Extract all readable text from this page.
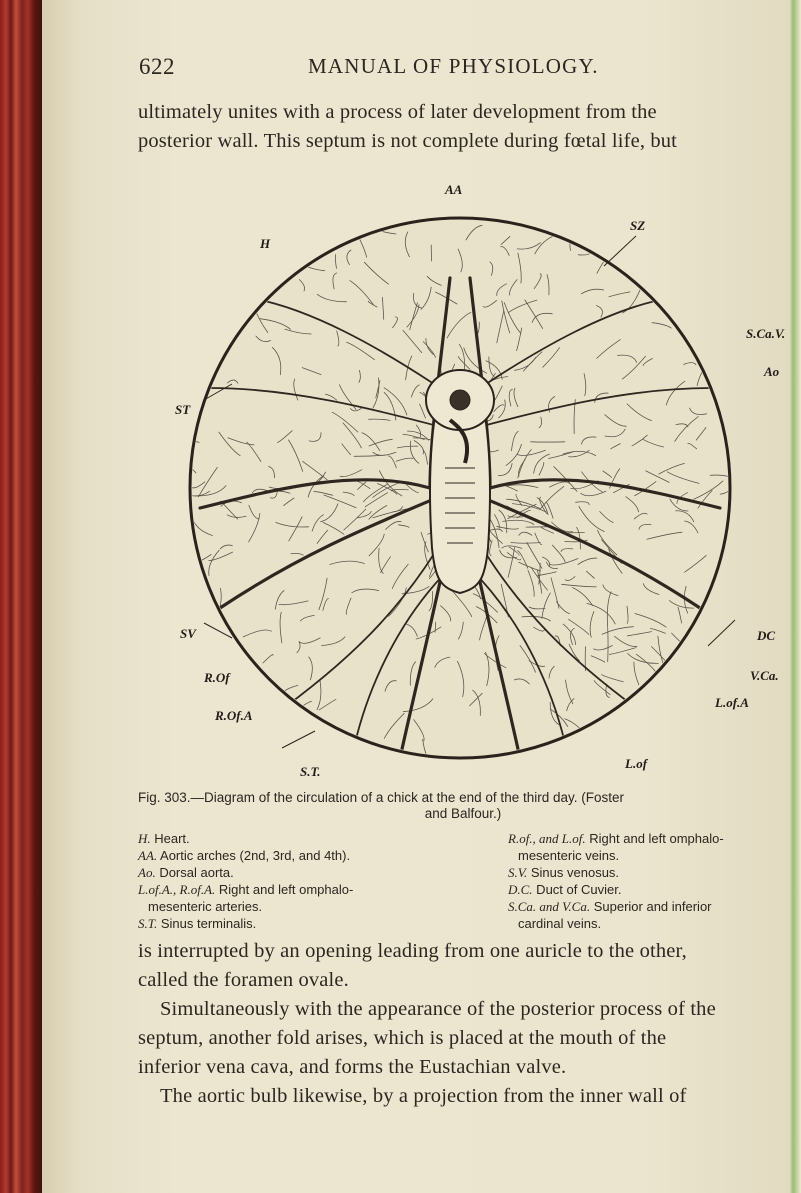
622	MANUAL OF PHYSIOLOGY.

ultimately unites with a process of later development from the

posterior wall. This septum is not complete during fœtal life, but

AA
SZ
H
S.Ca.V.
Ao
ST
SV	DC
V.Ca.
R.Of
R.Of.A
L.of.A
S.T.
L.of
Fig. 303.—Diagram of the circulation of a chick at the end of the third day. (Foster
and Balfour.)
H. Heart.
AA. Aortic arches (2nd, 3rd, and 4th).
Ao. Dorsal aorta.
L.of.A., R.of.A. Right and left omphalo-
mesenteric arteries.
S.T. Sinus terminalis.
R.of., and L.of. Right and left omphalo-
mesenteric veins.
S.V. Sinus venosus.
D.C. Duct of Cuvier.
S.Ca. and V.Ca. Superior and inferior
cardinal veins.

is interrupted by an opening leading from one auricle to the other,

called the foramen ovale.

Simultaneously with the appearance of the posterior process of the

septum, another fold arises, which is placed at the mouth of the

inferior vena cava, and forms the Eustachian valve.

The aortic bulb likewise, by a projection from the inner wall of
